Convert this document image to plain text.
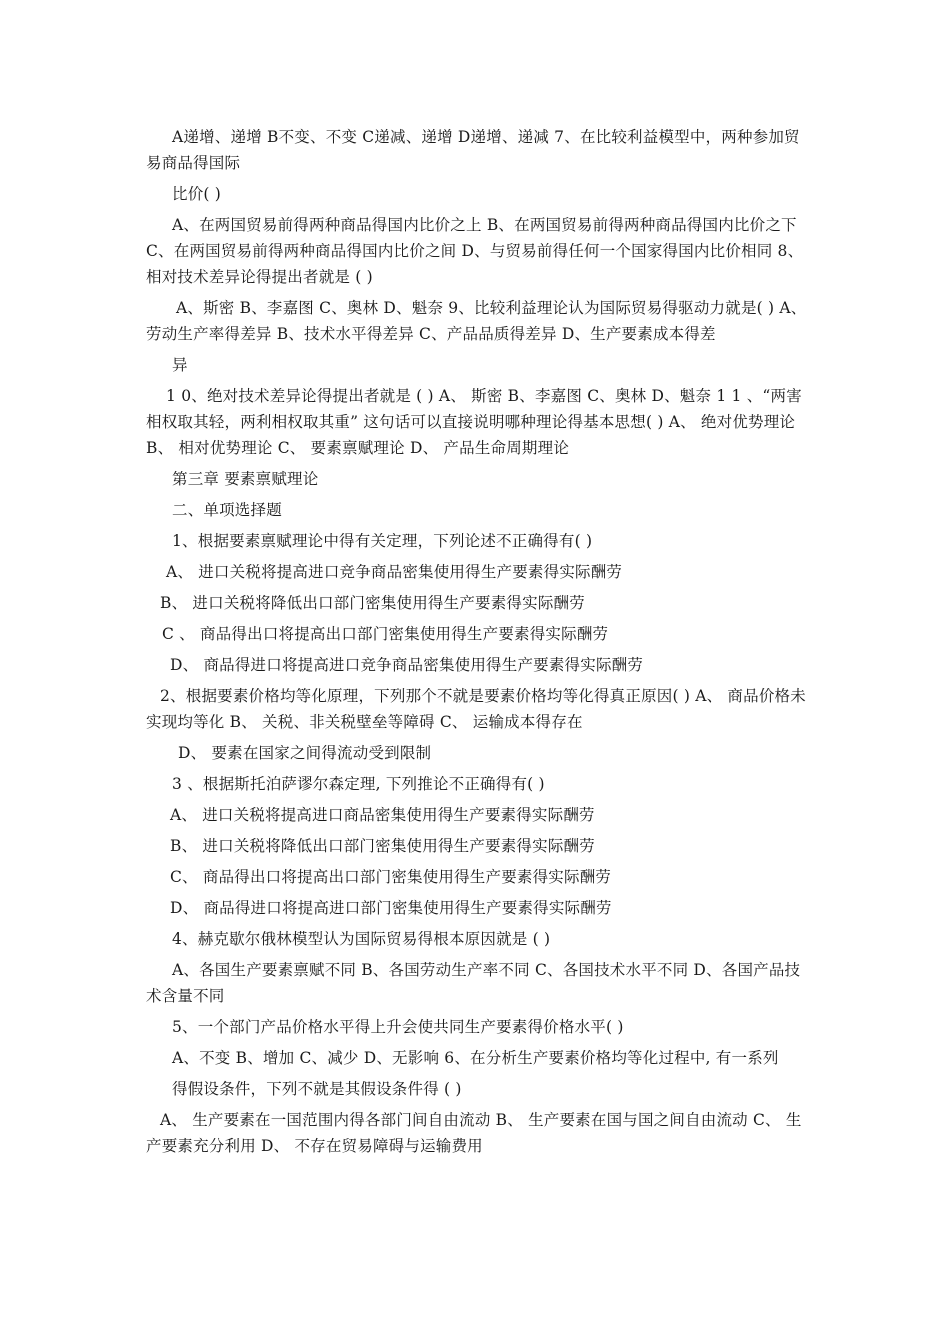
A递增、递增 B不变、不变 C递减、递增 D递增、递减 7、在比较利益模型中，两种参加贸易商品得国际

比价( )

A、在两国贸易前得两种商品得国内比价之上 B、在两国贸易前得两种商品得国内比价之下 C、在两国贸易前得两种商品得国内比价之间 D、与贸易前得任何一个国家得国内比价相同 8、相对技术差异论得提出者就是 ( )

A、斯密 B、李嘉图 C、奥林 D、魁奈 9、比较利益理论认为国际贸易得驱动力就是( ) A、劳动生产率得差异 B、技术水平得差异 C、产品品质得差异 D、生产要素成本得差

异

1 0、绝对技术差异论得提出者就是 ( ) A、 斯密 B、李嘉图 C、奥林 D、魁奈 1 1 、“两害相权取其轻，两利相权取其重” 这句话可以直接说明哪种理论得基本思想( ) A、 绝对优势理论 B、 相对优势理论 C、 要素禀赋理论 D、 产品生命周期理论

第三章 要素禀赋理论

二、单项选择题

1、根据要素禀赋理论中得有关定理，下列论述不正确得有( )

A、 进口关税将提高进口竞争商品密集使用得生产要素得实际酬劳

B、 进口关税将降低出口部门密集使用得生产要素得实际酬劳

C 、 商品得出口将提高出口部门密集使用得生产要素得实际酬劳

D、 商品得进口将提高进口竞争商品密集使用得生产要素得实际酬劳

2、根据要素价格均等化原理，下列那个不就是要素价格均等化得真正原因( ) A、 商品价格未实现均等化 B、 关税、非关税壁垒等障碍 C、 运输成本得存在

D、 要素在国家之间得流动受到限制

3 、根据斯托泊萨谬尔森定理, 下列推论不正确得有( )

A、 进口关税将提高进口商品密集使用得生产要素得实际酬劳

B、 进口关税将降低出口部门密集使用得生产要素得实际酬劳

C、 商品得出口将提高出口部门密集使用得生产要素得实际酬劳

D、 商品得进口将提高进口部门密集使用得生产要素得实际酬劳

4、赫克歇尔俄林模型认为国际贸易得根本原因就是 ( )

A、各国生产要素禀赋不同 B、各国劳动生产率不同 C、各国技术水平不同 D、各国产品技术含量不同

5、一个部门产品价格水平得上升会使共同生产要素得价格水平( )

A、不变 B、增加 C、减少 D、无影响 6、在分析生产要素价格均等化过程中, 有一系列

得假设条件，下列不就是其假设条件得 ( )

A、 生产要素在一国范围内得各部门间自由流动 B、 生产要素在国与国之间自由流动 C、 生产要素充分利用 D、 不存在贸易障碍与运输费用
